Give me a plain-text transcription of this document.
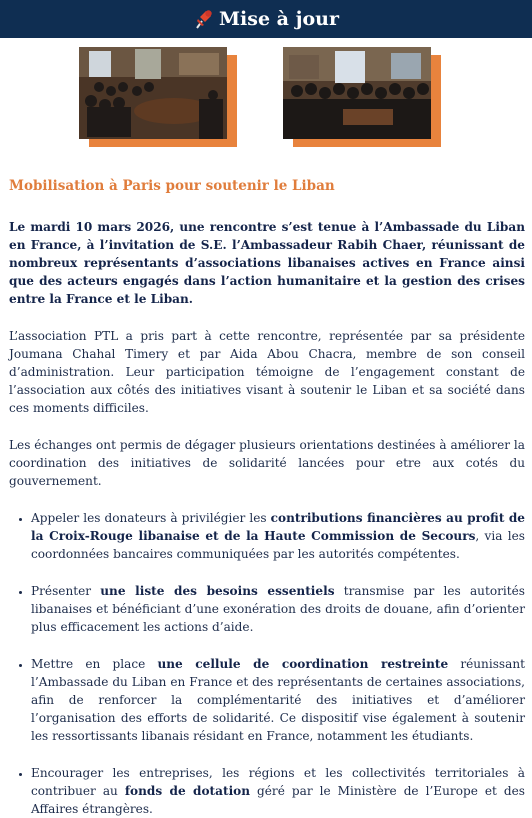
Mise à jour
Mobilisation à Paris pour soutenir le Liban

Le mardi 10 mars 2026, une rencontre s’est tenue à l’Ambassade du Liban en France, à l’invitation de S.E. l’Ambassadeur Rabih Chaer, réunissant de nombreux représentants d’associations libanaises actives en France ainsi que des acteurs engagés dans l’action humanitaire et la gestion des crises entre la France et le Liban.

L’association PTL a pris part à cette rencontre, représentée par sa présidente Joumana Chahal Timery et par Aida Abou Chacra, membre de son conseil d’administration. Leur participation témoigne de l’engagement constant de l’association aux côtés des initiatives visant à soutenir le Liban et sa société dans ces moments difficiles.

Les échanges ont permis de dégager plusieurs orientations destinées à améliorer la coordination des initiatives de solidarité lancées pour etre aux cotés du gouvernement.

• Appeler les donateurs à privilégier les contributions financières au profit de la Croix-Rouge libanaise et de la Haute Commission de Secours, via les coordonnées bancaires communiquées par les autorités compétentes.
• Présenter une liste des besoins essentiels transmise par les autorités libanaises et bénéficiant d’une exonération des droits de douane, afin d’orienter plus efficacement les actions d’aide.
• Mettre en place une cellule de coordination restreinte réunissant l’Ambassade du Liban en France et des représentants de certaines associations, afin de renforcer la complémentarité des initiatives et d’améliorer l’organisation des efforts de solidarité. Ce dispositif vise également à soutenir les ressortissants libanais résidant en France, notamment les étudiants.
• Encourager les entreprises, les régions et les collectivités territoriales à contribuer au fonds de dotation géré par le Ministère de l’Europe et des Affaires étrangères.
